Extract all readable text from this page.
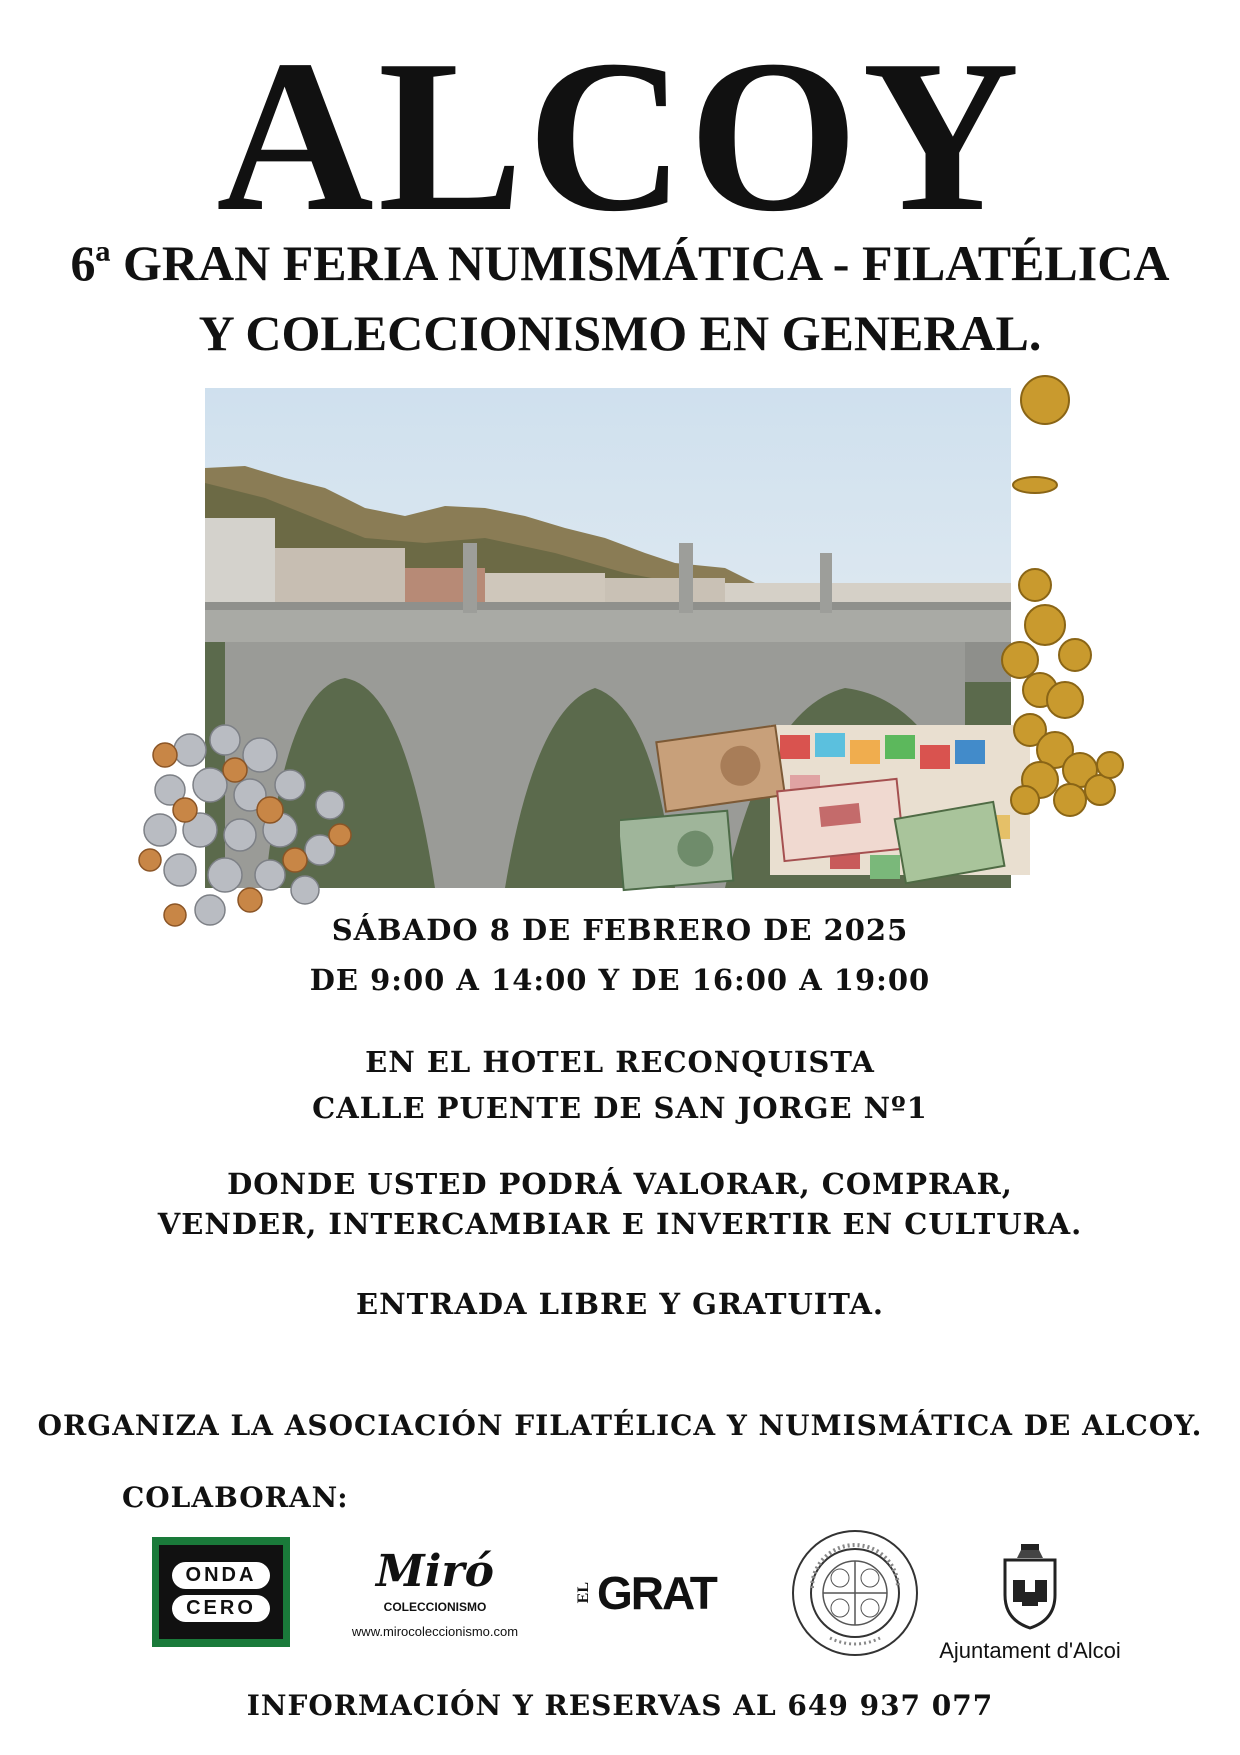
ALCOY
6ª GRAN FERIA NUMISMÁTICA - FILATÉLICA
Y COLECCIONISMO EN GENERAL.
SÁBADO 8 DE FEBRERO DE 2025
DE 9:00 A 14:00 Y DE 16:00 A 19:00
EN EL HOTEL RECONQUISTA
CALLE PUENTE DE SAN JORGE Nº1
DONDE USTED PODRÁ VALORAR, COMPRAR,
VENDER, INTERCAMBIAR E INVERTIR EN CULTURA.
ENTRADA LIBRE Y GRATUITA.
ORGANIZA LA ASOCIACIÓN FILATÉLICA Y NUMISMÁTICA DE ALCOY.
COLABORAN:
ONDA
CERO
Miró
COLECCIONISMO
www.mirocoleccionismo.com
EL GRAT
Ajuntament d'Alcoi
INFORMACIÓN Y RESERVAS AL 649 937 077
